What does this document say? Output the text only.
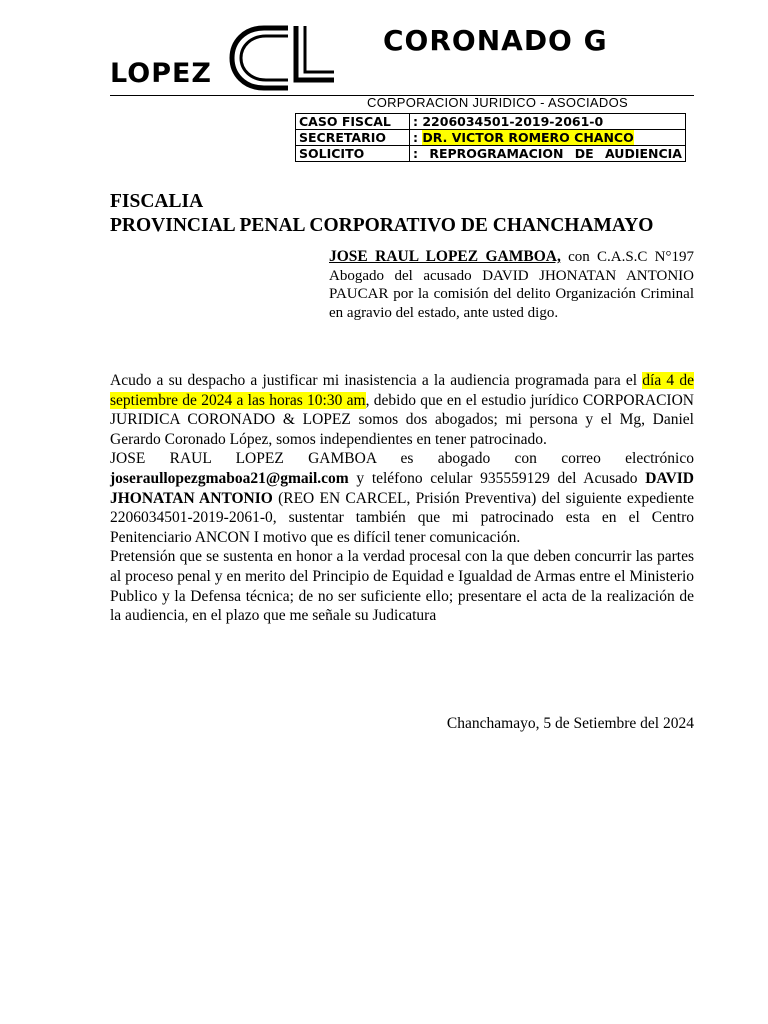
LOPEZ
CORONADO G
CORPORACION JURIDICO - ASOCIADOS
CASO FISCAL	: 2206034501-2019-2061-0
SECRETARIO	: DR. VICTOR ROMERO CHANCO
SOLICITO	: REPROGRAMACION DE AUDIENCIA
FISCALIA
PROVINCIAL PENAL CORPORATIVO DE CHANCHAMAYO
JOSE RAUL LOPEZ GAMBOA, con C.A.S.C N°197 Abogado del acusado DAVID JHONATAN ANTONIO PAUCAR por la comisión del delito Organización Criminal en agravio del estado, ante usted digo.

Acudo a su despacho a justificar mi inasistencia a la audiencia programada para el día 4 de septiembre de 2024 a las horas 10:30 am, debido que en el estudio jurídico CORPORACION JURIDICA CORONADO & LOPEZ somos dos abogados; mi persona y el Mg, Daniel Gerardo Coronado López, somos independientes en tener patrocinado.

JOSE RAUL LOPEZ GAMBOA es abogado con correo electrónico joseraullopezgmaboa21@gmail.com y teléfono celular 935559129 del Acusado DAVID JHONATAN ANTONIO (REO EN CARCEL, Prisión Preventiva) del siguiente expediente 2206034501-2019-2061-0, sustentar también que mi patrocinado esta en el Centro Penitenciario ANCON I motivo que es difícil tener comunicación.

Pretensión que se sustenta en honor a la verdad procesal con la que deben concurrir las partes al proceso penal y en merito del Principio de Equidad e Igualdad de Armas entre el Ministerio Publico y la Defensa técnica; de no ser suficiente ello; presentare el acta de la realización de la audiencia, en el plazo que me señale su Judicatura

Chanchamayo, 5 de Setiembre del 2024
